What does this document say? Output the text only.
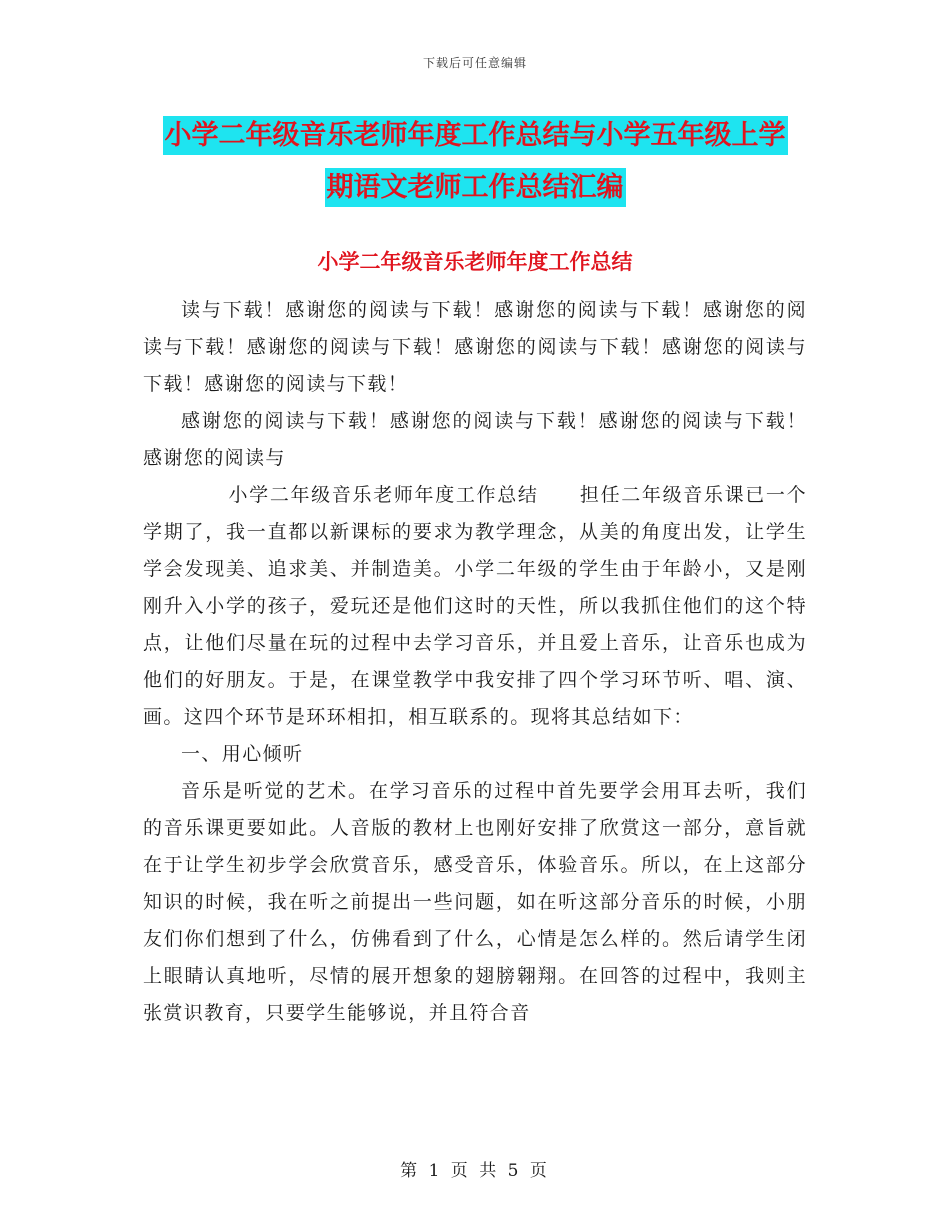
下载后可任意编辑
小学二年级音乐老师年度工作总结与小学五年级上学
期语文老师工作总结汇编
小学二年级音乐老师年度工作总结

读与下载！感谢您的阅读与下载！感谢您的阅读与下载！感谢您的阅读与下载！感谢您的阅读与下载！感谢您的阅读与下载！感谢您的阅读与下载！感谢您的阅读与下载！

感谢您的阅读与下载！感谢您的阅读与下载！感谢您的阅读与下载！感谢您的阅读与

小学二年级音乐老师年度工作总结　　担任二年级音乐课已一个学期了，我一直都以新课标的要求为教学理念，从美的角度出发，让学生学会发现美、追求美、并制造美。小学二年级的学生由于年龄小，又是刚刚升入小学的孩子，爱玩还是他们这时的天性，所以我抓住他们的这个特点，让他们尽量在玩的过程中去学习音乐，并且爱上音乐，让音乐也成为他们的好朋友。于是，在课堂教学中我安排了四个学习环节听、唱、演、画。这四个环节是环环相扣，相互联系的。现将其总结如下：

一、用心倾听

音乐是听觉的艺术。在学习音乐的过程中首先要学会用耳去听，我们的音乐课更要如此。人音版的教材上也刚好安排了欣赏这一部分，意旨就在于让学生初步学会欣赏音乐，感受音乐，体验音乐。所以，在上这部分知识的时候，我在听之前提出一些问题，如在听这部分音乐的时候，小朋友们你们想到了什么，仿佛看到了什么，心情是怎么样的。然后请学生闭上眼睛认真地听，尽情的展开想象的翅膀翱翔。在回答的过程中，我则主张赏识教育，只要学生能够说，并且符合音

第 1 页 共 5 页
